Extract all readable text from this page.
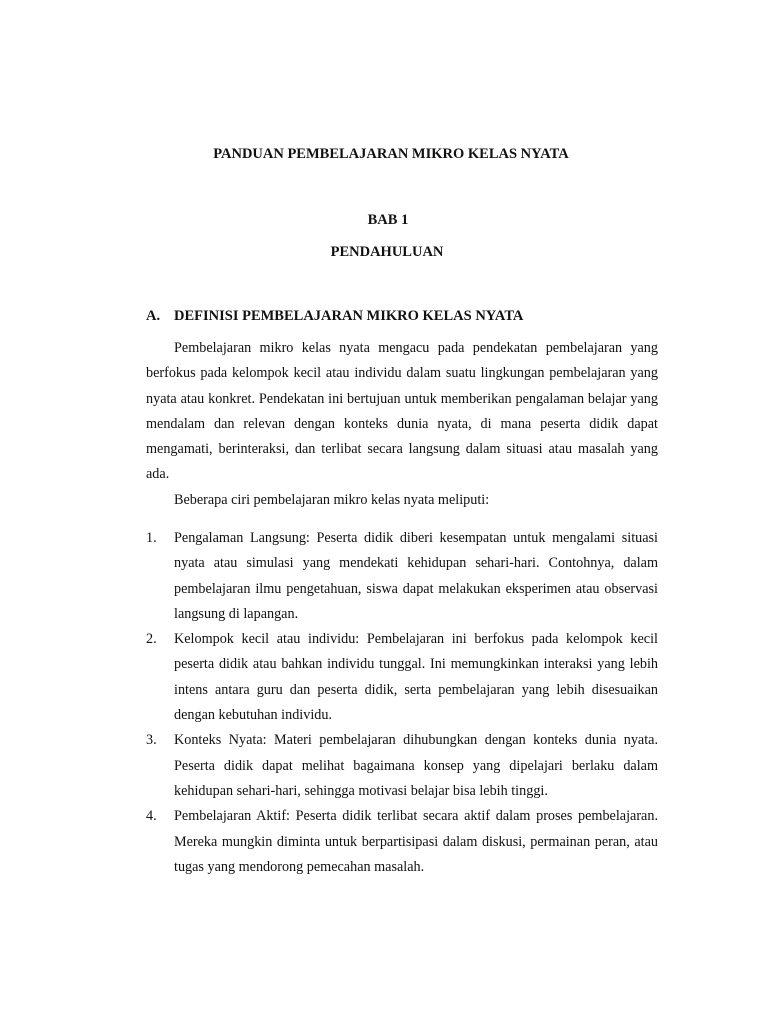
PANDUAN PEMBELAJARAN MIKRO KELAS NYATA
BAB 1
PENDAHULUAN
A. DEFINISI PEMBELAJARAN MIKRO KELAS NYATA

Pembelajaran mikro kelas nyata mengacu pada pendekatan pembelajaran yang berfokus pada kelompok kecil atau individu dalam suatu lingkungan pembelajaran yang nyata atau konkret. Pendekatan ini bertujuan untuk memberikan pengalaman belajar yang mendalam dan relevan dengan konteks dunia nyata, di mana peserta didik dapat mengamati, berinteraksi, dan terlibat secara langsung dalam situasi atau masalah yang ada.

Beberapa ciri pembelajaran mikro kelas nyata meliputi:

1.	Pengalaman Langsung: Peserta didik diberi kesempatan untuk mengalami situasi nyata atau simulasi yang mendekati kehidupan sehari-hari. Contohnya, dalam pembelajaran ilmu pengetahuan, siswa dapat melakukan eksperimen atau observasi langsung di lapangan.
2.	Kelompok kecil atau individu: Pembelajaran ini berfokus pada kelompok kecil peserta didik atau bahkan individu tunggal. Ini memungkinkan interaksi yang lebih intens antara guru dan peserta didik, serta pembelajaran yang lebih disesuaikan dengan kebutuhan individu.
3.	Konteks Nyata: Materi pembelajaran dihubungkan dengan konteks dunia nyata. Peserta didik dapat melihat bagaimana konsep yang dipelajari berlaku dalam kehidupan sehari-hari, sehingga motivasi belajar bisa lebih tinggi.
4.	Pembelajaran Aktif: Peserta didik terlibat secara aktif dalam proses pembelajaran. Mereka mungkin diminta untuk berpartisipasi dalam diskusi, permainan peran, atau tugas yang mendorong pemecahan masalah.
